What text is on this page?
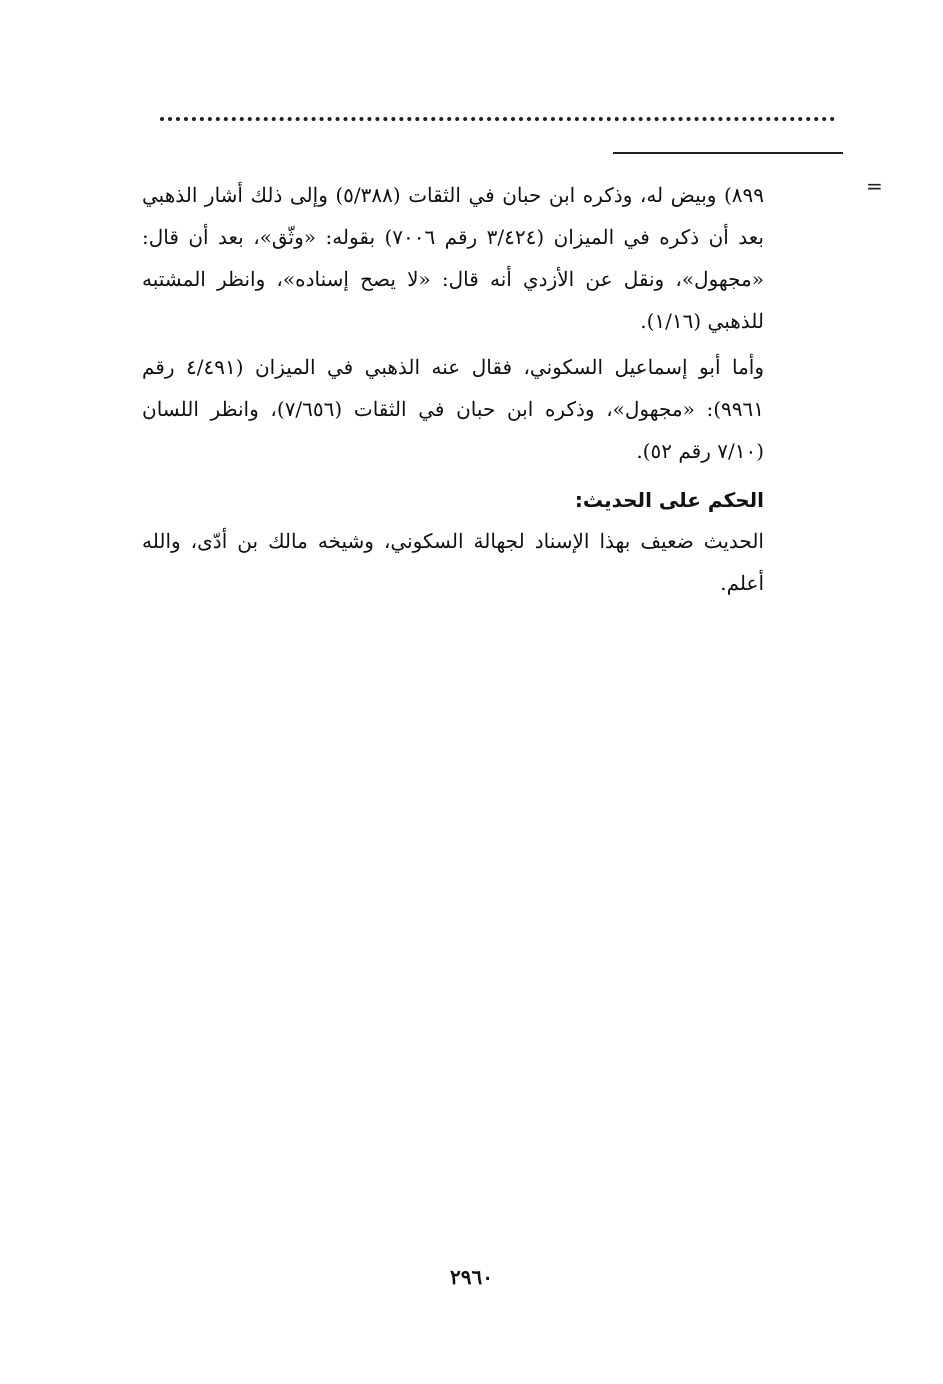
=

٨٩٩) وبيض له، وذكره ابن حبان في الثقات (٥/٣٨٨) وإلى ذلك أشار الذهبي بعد أن ذكره في الميزان (٣/٤٢٤ رقم ٧٠٠٦) بقوله: «وثّق»، بعد أن قال: «مجهول»، ونقل عن الأزدي أنه قال: «لا يصح إسناده»، وانظر المشتبه للذهبي (١/١٦).

وأما أبو إسماعيل السكوني، فقال عنه الذهبي في الميزان (٤/٤٩١ رقم ٩٩٦١): «مجهول»، وذكره ابن حبان في الثقات (٧/٦٥٦)، وانظر اللسان (٧/١٠ رقم ٥٢).

الحكم على الحديث:

الحديث ضعيف بهذا الإسناد لجهالة السكوني، وشيخه مالك بن أدّى، والله أعلم.

٢٩٦٠
